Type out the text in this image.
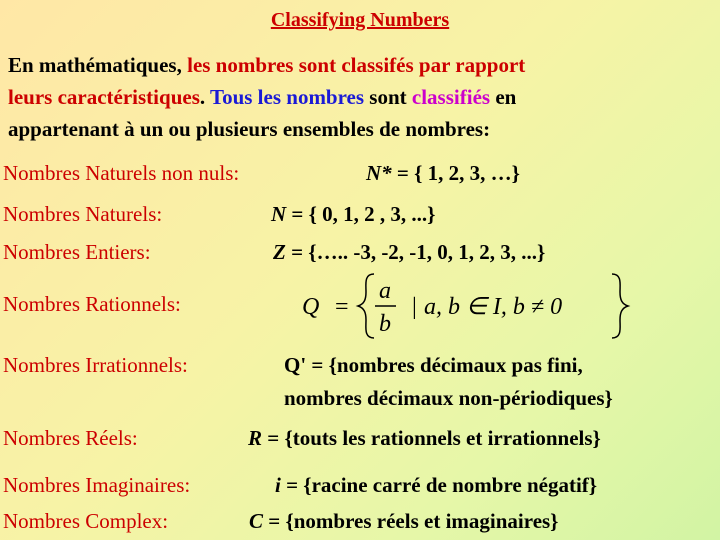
Classifying Numbers
En mathématiques, les nombres sont classifés par rapport
leurs caractéristiques. Tous les nombres sont classifiés en
appartenant à un ou plusieurs ensembles de nombres:
Nombres Naturels non nuls:	N* = { 1, 2, 3, …}
Nombres Naturels:	N = { 0, 1, 2 , 3, ...}
Nombres Entiers:	Z = {….. -3, -2, -1, 0, 1, 2, 3, ...}
Nombres Rationnels:	Q =
a
b
| a, b ∈ I, b ≠ 0
Nombres Irrationnels:	Q' = {nombres décimaux pas fini,
nombres décimaux non-périodiques}
Nombres Réels:	R = {touts les rationnels et irrationnels}
Nombres Imaginaires:	i = {racine carré de nombre négatif}
Nombres Complex:	C = {nombres réels et imaginaires}
